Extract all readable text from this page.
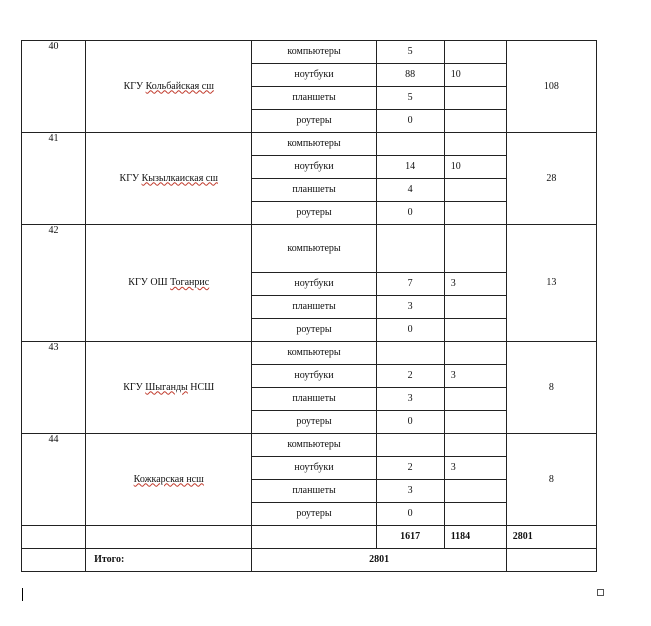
40	КГУ Кольбайская сш	компьютеры	5		108
		ноутбуки	88	10	
		планшеты	5		
		роутеры	0		
41	КГУ Кызылкаиская сш	компьютеры			28
		ноутбуки	14	10	
		планшеты	4		
		роутеры	0		
42	КГУ ОШ Тоганрис	компьютеры			13
		ноутбуки	7	3	
		планшеты	3		
		роутеры	0		
43	КГУ Шыганды НСШ	компьютеры			8
		ноутбуки	2	3	
		планшеты	3		
		роутеры	0		
44	Кожкарская нсш	компьютеры			8
		ноутбуки	2	3	
		планшеты	3		
		роутеры	0		
			1617	1184	2801
	Итого:	2801			
